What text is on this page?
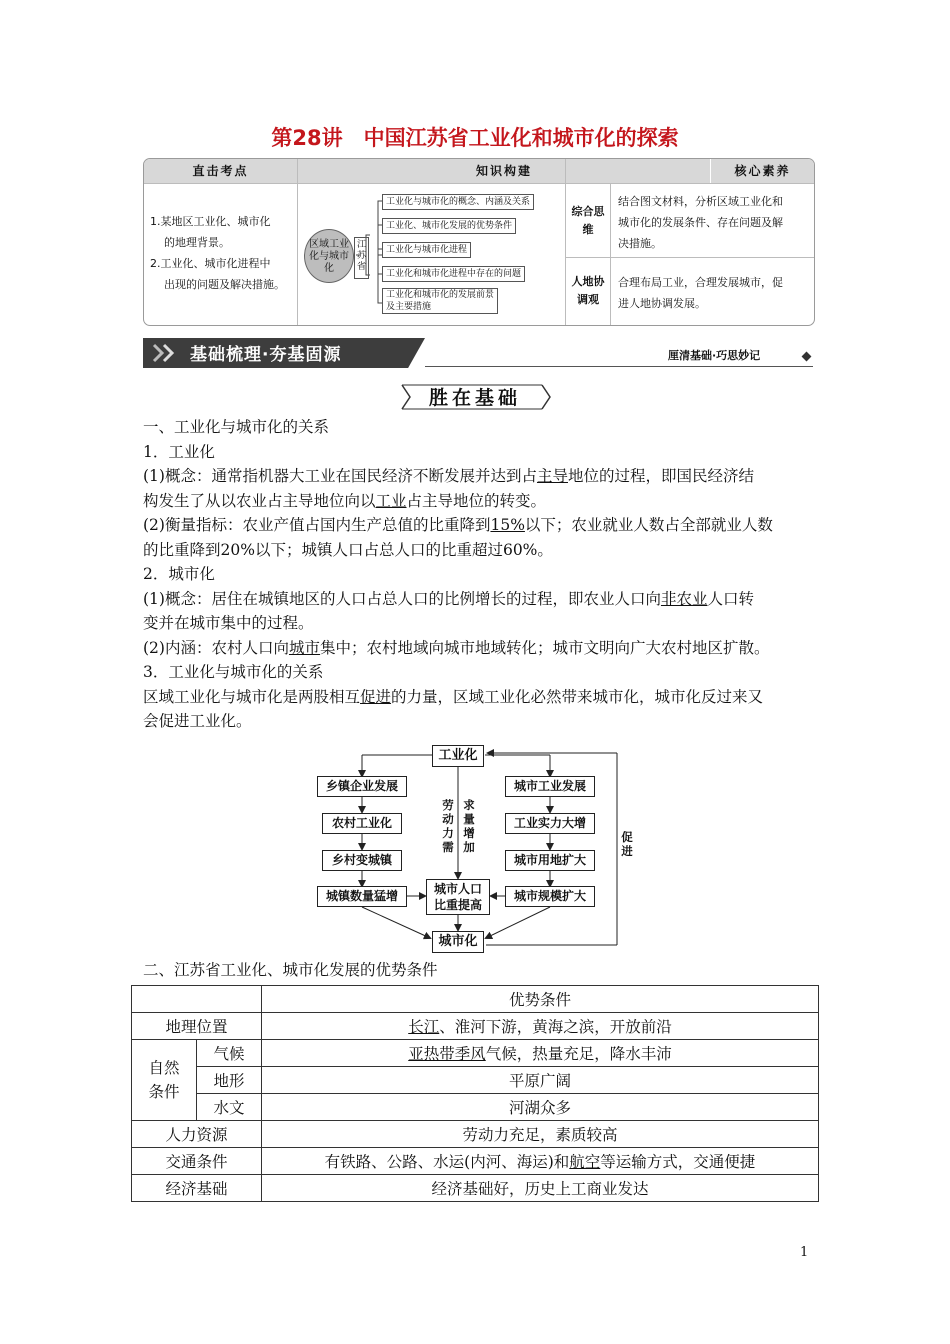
第28讲　中国江苏省工业化和城市化的探索
直击考点	知识构建	核心素养
1.某地区工业化、城市化
的地理背景。
2.工业化、城市化进程中
出现的问题及解决措施。
区域工业化与城市化
江苏省
工业化与城市化的概念、内涵及关系
工业化、城市化发展的优势条件
工业化与城市化进程
工业化和城市化进程中存在的问题
工业化和城市化的发展前景
及主要措施
综合思维
结合图文材料，分析区域工业化和
城市化的发展条件、存在问题及解
决措施。
人地协调观
合理布局工业，合理发展城市，促
进人地协调发展。
基础梳理·夯基固源	厘清基础·巧思妙记
胜在基础

一、工业化与城市化的关系

1．工业化

(1)概念：通常指机器大工业在国民经济不断发展并达到占主导地位的过程，即国民经济结

构发生了从以农业占主导地位向以工业占主导地位的转变。

(2)衡量指标：农业产值占国内生产总值的比重降到15%以下；农业就业人数占全部就业人数

的比重降到20%以下；城镇人口占总人口的比重超过60%。

2．城市化

(1)概念：居住在城镇地区的人口占总人口的比例增长的过程，即农业人口向非农业人口转

变并在城市集中的过程。

(2)内涵：农村人口向城市集中；农村地域向城市地域转化；城市文明向广大农村地区扩散。

3．工业化与城市化的关系

区域工业化与城市化是两股相互促进的力量，区域工业化必然带来城市化，城市化反过来又

会促进工业化。

工业化
乡镇企业发展
农村工业化
乡村变城镇
城镇数量猛增
城市工业发展
工业实力大增
城市用地扩大
城市规模扩大
城市人口
比重提高
城市化
劳动力需
求量增加
促进

二、江苏省工业化、城市化发展的优势条件

		优势条件
地理位置		长江、淮河下游，黄海之滨，开放前沿

自然条件	气候	亚热带季风气候，热量充足，降水丰沛
	地形	平原广阔
	水文	河湖众多
人力资源		劳动力充足，素质较高
交通条件		有铁路、公路、水运(内河、海运)和航空等运输方式，交通便捷
经济基础		经济基础好，历史上工商业发达
1
